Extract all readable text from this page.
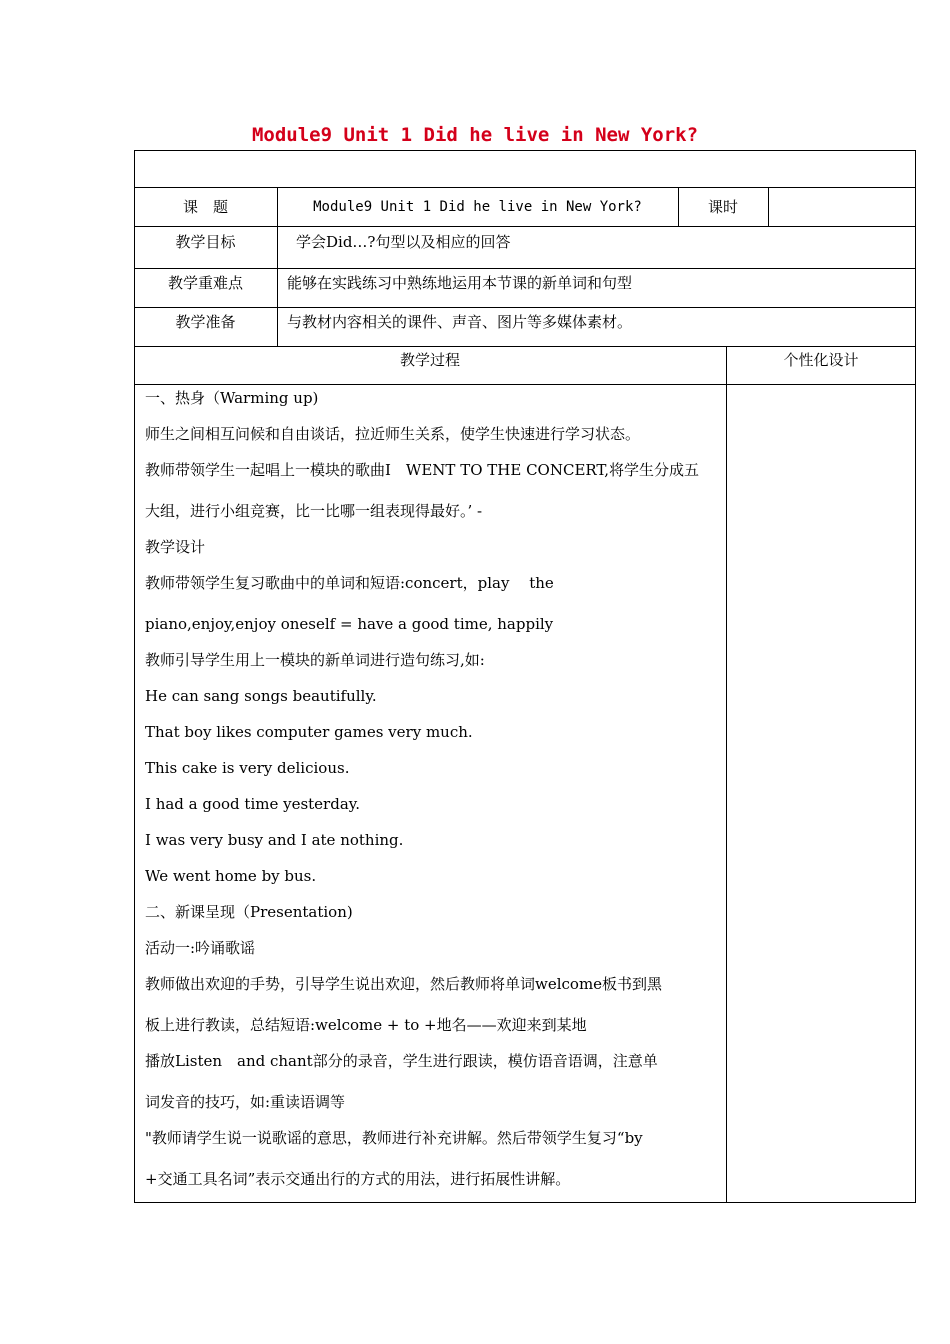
Module9 Unit 1 Did he live in New York?
课　题	Module9 Unit 1 Did he live in New York?	课时
教学目标	学会Did…?句型以及相应的回答
教学重难点	能够在实践练习中熟练地运用本节课的新单词和句型
教学准备	与教材内容相关的课件、声音、图片等多媒体素材。
教学过程	个性化设计
一、热身（Warming up)
师生之间相互问候和自由谈话，拉近师生关系，使学生快速进行学习状态。
教师带领学生一起唱上一模块的歌曲I　WENT TO THE CONCERT,将学生分成五
大组，进行小组竞赛，比一比哪一组表现得最好。’ -
教学设计
教师带领学生复习歌曲中的单词和短语:concert，play　 the
piano,enjoy,enjoy oneself = have a good time, happily
教师引导学生用上一模块的新单词进行造句练习,如:
He can sang songs beautifully.
That boy likes computer games very much.
This cake is very delicious.
I had a good time yesterday.
I was very busy and I ate nothing.
We went home by bus.
二、新课呈现（Presentation)
活动一:吟诵歌谣
教师做出欢迎的手势，引导学生说出欢迎，然后教师将单词welcome板书到黑
板上进行教读，总结短语:welcome + to +地名——欢迎来到某地
播放Listen　and chant部分的录音，学生进行跟读，模仿语音语调，注意单
词发音的技巧，如:重读语调等
"教师请学生说一说歌谣的意思，教师进行补充讲解。然后带领学生复习“by
+交通工具名词”表示交通出行的方式的用法，进行拓展性讲解。
